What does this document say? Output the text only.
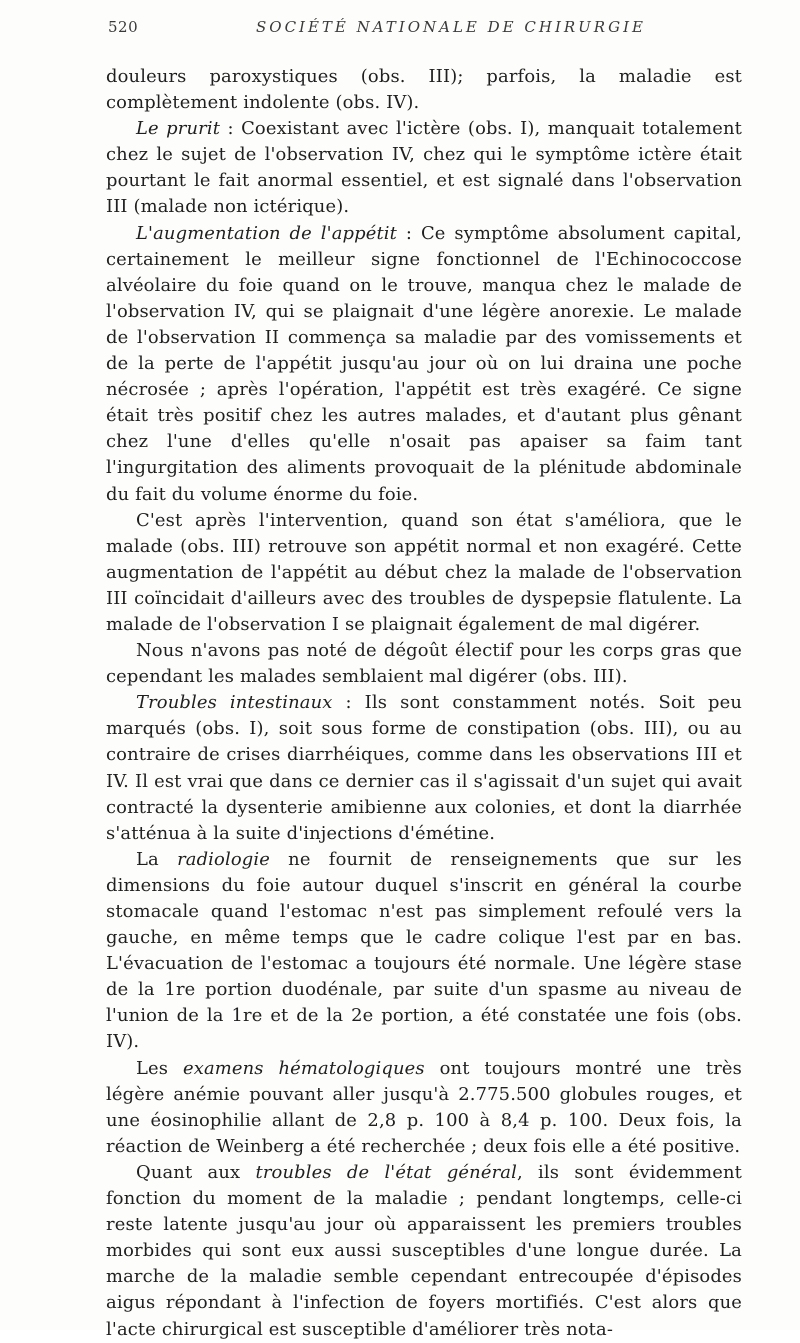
520	SOCIÉTÉ NATIONALE DE CHIRURGIE

douleurs paroxystiques (obs. III); parfois, la maladie est complètement indolente (obs. IV).

Le prurit : Coexistant avec l'ictère (obs. I), manquait totalement chez le sujet de l'observation IV, chez qui le symptôme ictère était pourtant le fait anormal essentiel, et est signalé dans l'observation III (malade non ictérique).

L'augmentation de l'appétit : Ce symptôme absolument capital, certainement le meilleur signe fonctionnel de l'Echinococcose alvéolaire du foie quand on le trouve, manqua chez le malade de l'observation IV, qui se plaignait d'une légère anorexie. Le malade de l'observation II commença sa maladie par des vomissements et de la perte de l'appétit jusqu'au jour où on lui draina une poche nécrosée ; après l'opération, l'appétit est très exagéré. Ce signe était très positif chez les autres malades, et d'autant plus gênant chez l'une d'elles qu'elle n'osait pas apaiser sa faim tant l'ingurgitation des aliments provoquait de la plénitude abdominale du fait du volume énorme du foie.

C'est après l'intervention, quand son état s'améliora, que le malade (obs. III) retrouve son appétit normal et non exagéré. Cette augmentation de l'appétit au début chez la malade de l'observation III coïncidait d'ailleurs avec des troubles de dyspepsie flatulente. La malade de l'observation I se plaignait également de mal digérer.

Nous n'avons pas noté de dégoût électif pour les corps gras que cependant les malades semblaient mal digérer (obs. III).

Troubles intestinaux : Ils sont constamment notés. Soit peu marqués (obs. I), soit sous forme de constipation (obs. III), ou au contraire de crises diarrhéiques, comme dans les observations III et IV. Il est vrai que dans ce dernier cas il s'agissait d'un sujet qui avait contracté la dysenterie amibienne aux colonies, et dont la diarrhée s'atténua à la suite d'injections d'émétine.

La radiologie ne fournit de renseignements que sur les dimensions du foie autour duquel s'inscrit en général la courbe stomacale quand l'estomac n'est pas simplement refoulé vers la gauche, en même temps que le cadre colique l'est par en bas. L'évacuation de l'estomac a toujours été normale. Une légère stase de la 1re portion duodénale, par suite d'un spasme au niveau de l'union de la 1re et de la 2e portion, a été constatée une fois (obs. IV).

Les examens hématologiques ont toujours montré une très légère anémie pouvant aller jusqu'à 2.775.500 globules rouges, et une éosinophilie allant de 2,8 p. 100 à 8,4 p. 100. Deux fois, la réaction de Weinberg a été recherchée ; deux fois elle a été positive.

Quant aux troubles de l'état général, ils sont évidemment fonction du moment de la maladie ; pendant longtemps, celle-ci reste latente jusqu'au jour où apparaissent les premiers troubles morbides qui sont eux aussi susceptibles d'une longue durée. La marche de la maladie semble cependant entrecoupée d'épisodes aigus répondant à l'infection de foyers mortifiés. C'est alors que l'acte chirurgical est susceptible d'améliorer très nota-
